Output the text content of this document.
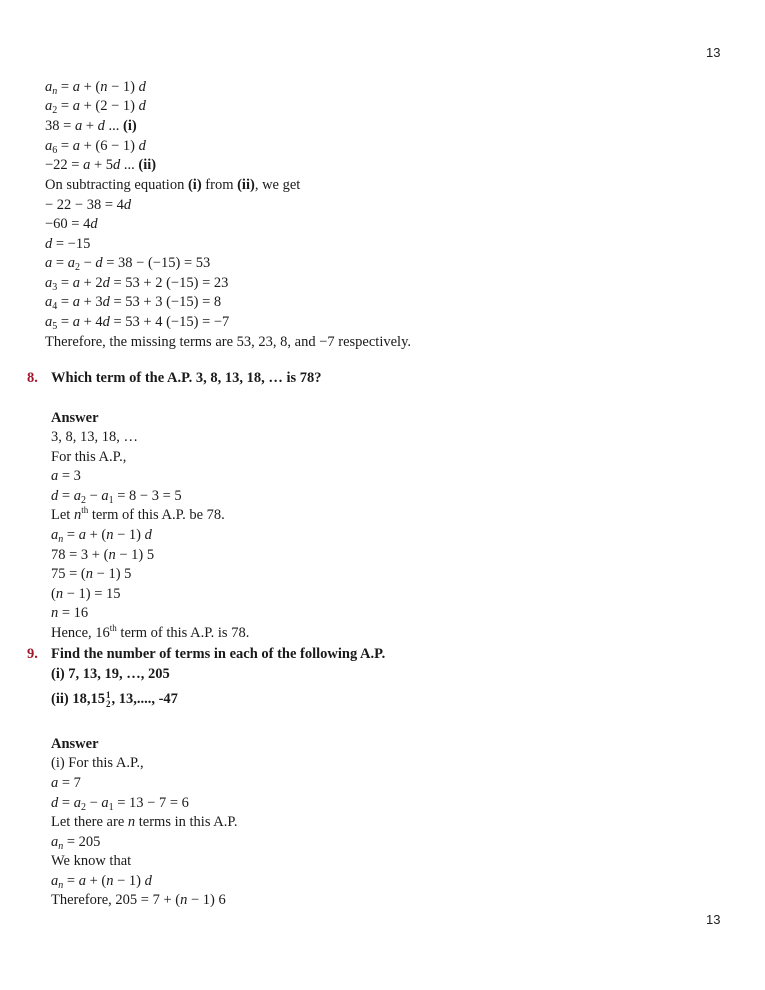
13
$a_n = a + (n - 1)$ d
$a_2 = a + (2 - 1)$ d
38 = a + d ... (i)
$a_6 = a + (6 - 1)$ d
−22 = a + 5d ... (ii)
On subtracting equation (i) from (ii), we get
− 22 − 38 = 4d
−60 = 4d
d = −15
$a = a_2 - d = 38 - (-15) = 53$
$a_3 = a + 2d = 53 + 2$ (−15) = 23
$a_4 = a + 3d = 53 + 3$ (−15) = 8
$a_5 = a + 4d = 53 + 4$ (−15) = −7
Therefore, the missing terms are 53, 23, 8, and −7 respectively.
8. Which term of the A.P. 3, 8, 13, 18, … is 78?
Answer
3, 8, 13, 18, …
For this A.P.,
a = 3
$d = a_2 - a_1 = 8 - 3 = 5$
Let $n^{th}$ term of this A.P. be 78.
$a_n = a + (n - 1)$ d
78 = 3 + (n − 1) 5
75 = (n − 1) 5
(n − 1) = 15
n = 16
Hence, 16th term of this A.P. is 78.
9. Find the number of terms in each of the following A.P.
(i) 7, 13, 19, …, 205
(ii) 18,15 1
2 , 13,...., -47
Answer
(i) For this A.P.,
a = 7
$d = a_2 - a_1 = 13 - 7 = 6$
Let there are n terms in this A.P.
$a_n = 205$
We know that
$a_n = a + (n - 1)$ d
Therefore, 205 = 7 + (n − 1) 6
13
